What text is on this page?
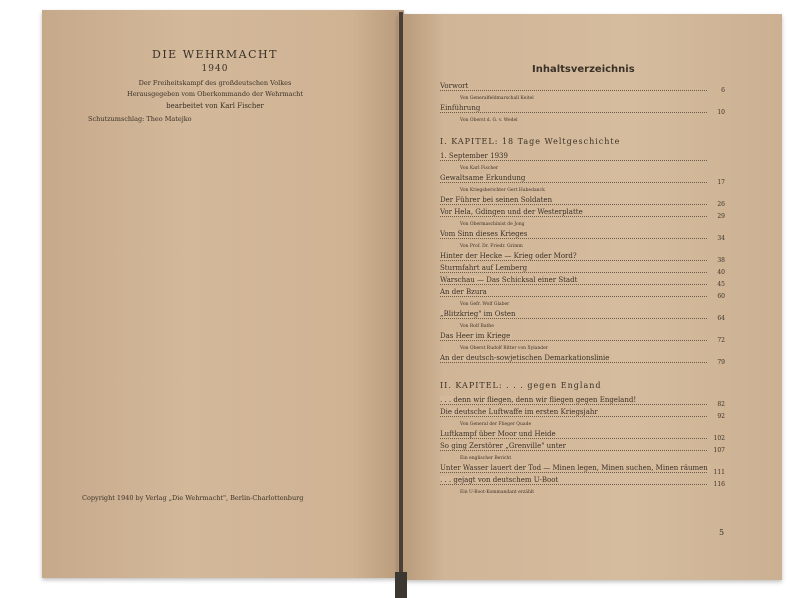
DIE WEHRMACHT
1940
Der Freiheitskampf des großdeutschen Volkes
Herausgegeben vom Oberkommando der Wehrmacht
bearbeitet von Karl Fischer
Schutzumschlag: Theo Matejko
Copyright 1940 by Verlag „Die Wehrmacht", Berlin-Charlottenburg
Inhaltsverzeichnis
Vorwort
6
Von Generalfeldmarschall Keitel
Einführung
10
Von Oberst d. G. v. Wedel
I. KAPITEL: 18 Tage Weltgeschichte
1. September 1939
Von Karl Fischer
Gewaltsame Erkundung
17
Von Kriegsberichter Gert Habedanck
Der Führer bei seinen Soldaten
26
Vor Hela, Gdingen und der Westerplatte
29
Von Obermaschinist de Jong
Vom Sinn dieses Krieges
34
Von Prof. Dr. Friedr. Grimm
Hinter der Hecke — Krieg oder Mord?
38
Sturmfahrt auf Lemberg
40
Warschau — Das Schicksal einer Stadt
45
An der Bzura
60
Von Gefr. Wolf Glaber
„Blitzkrieg" im Osten
64
Von Rolf Bathe
Das Heer im Kriege
72
Von Oberst Rudolf Ritter von Xylander
An der deutsch-sowjetischen Demarkationslinie
79
II. KAPITEL: . . . gegen England
. . . denn wir fliegen, denn wir fliegen gegen Engeland!
82
Die deutsche Luftwaffe im ersten Kriegsjahr
92
Von General der Flieger Quade
Luftkampf über Moor und Heide
102
So ging Zerstörer „Grenville" unter
107
Ein englischer Bericht
Unter Wasser lauert der Tod — Minen legen, Minen suchen, Minen räumen
111
. . . gejagt von deutschem U-Boot
116
Ein U-Boot-Kommandant erzählt
5
